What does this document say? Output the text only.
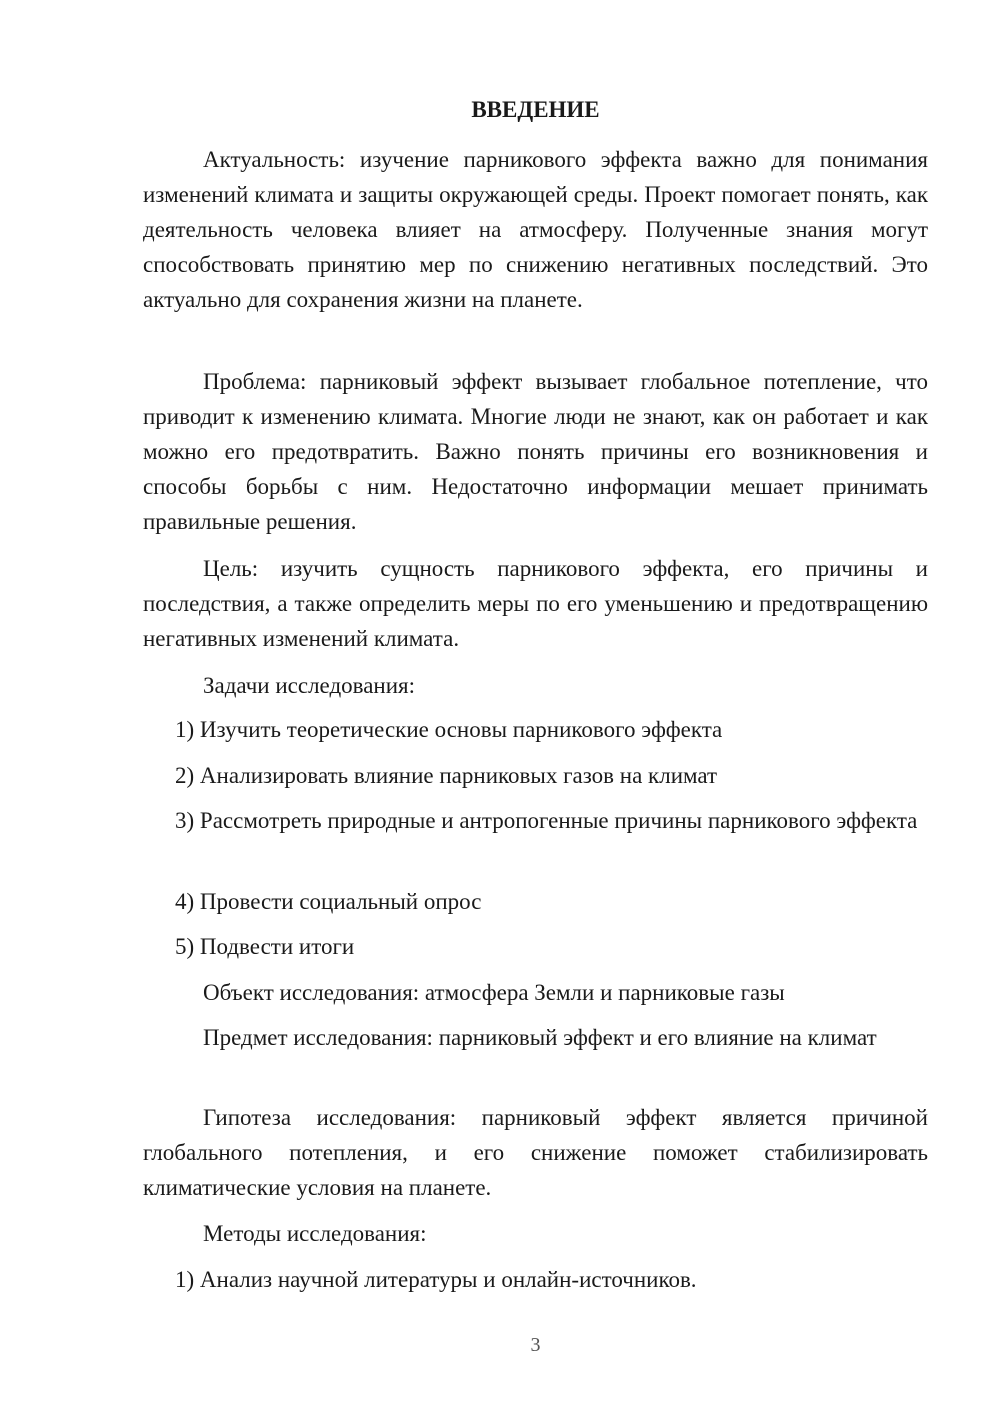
ВВЕДЕНИЕ

Актуальность: изучение парникового эффекта важно для понимания изменений климата и защиты окружающей среды. Проект помогает понять, как деятельность человека влияет на атмосферу. Полученные знания могут способствовать принятию мер по снижению негативных последствий. Это актуально для сохранения жизни на планете.

Проблема: парниковый эффект вызывает глобальное потепление, что приводит к изменению климата. Многие люди не знают, как он работает и как можно его предотвратить. Важно понять причины его возникновения и способы борьбы с ним. Недостаточно информации мешает принимать правильные решения.

Цель: изучить сущность парникового эффекта, его причины и последствия, а также определить меры по его уменьшению и предотвращению негативных изменений климата.

Задачи исследования:

1) Изучить теоретические основы парникового эффекта

2) Анализировать влияние парниковых газов на климат

3) Рассмотреть природные и антропогенные причины парникового эффекта

4) Провести социальный опрос

5) Подвести итоги

Объект исследования: атмосфера Земли и парниковые газы

Предмет исследования: парниковый эффект и его влияние на климат

Гипотеза исследования: парниковый эффект является причиной глобального потепления, и его снижение поможет стабилизировать климатические условия на планете.

Методы исследования:

1) Анализ научной литературы и онлайн-источников.

3
